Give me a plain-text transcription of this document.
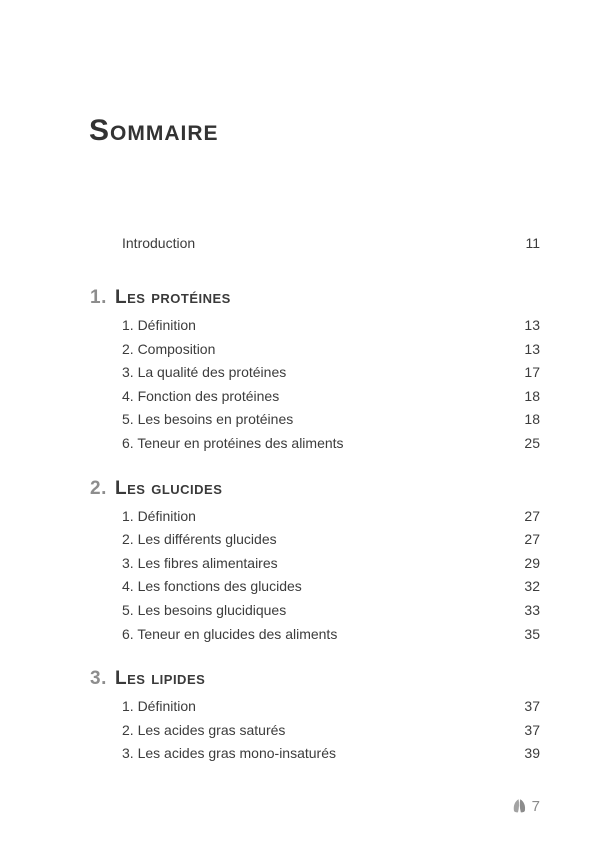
Sommaire
Introduction	11
1. Les protéines
1. Définition	13
2. Composition	13
3. La qualité des protéines	17
4. Fonction des protéines	18
5. Les besoins en protéines	18
6. Teneur en protéines des aliments	25
2. Les glucides
1. Définition	27
2. Les différents glucides	27
3. Les fibres alimentaires	29
4. Les fonctions des glucides	32
5. Les besoins glucidiques	33
6. Teneur en glucides des aliments	35
3. Les lipides
1. Définition	37
2. Les acides gras saturés	37
3. Les acides gras mono-insaturés	39
7
